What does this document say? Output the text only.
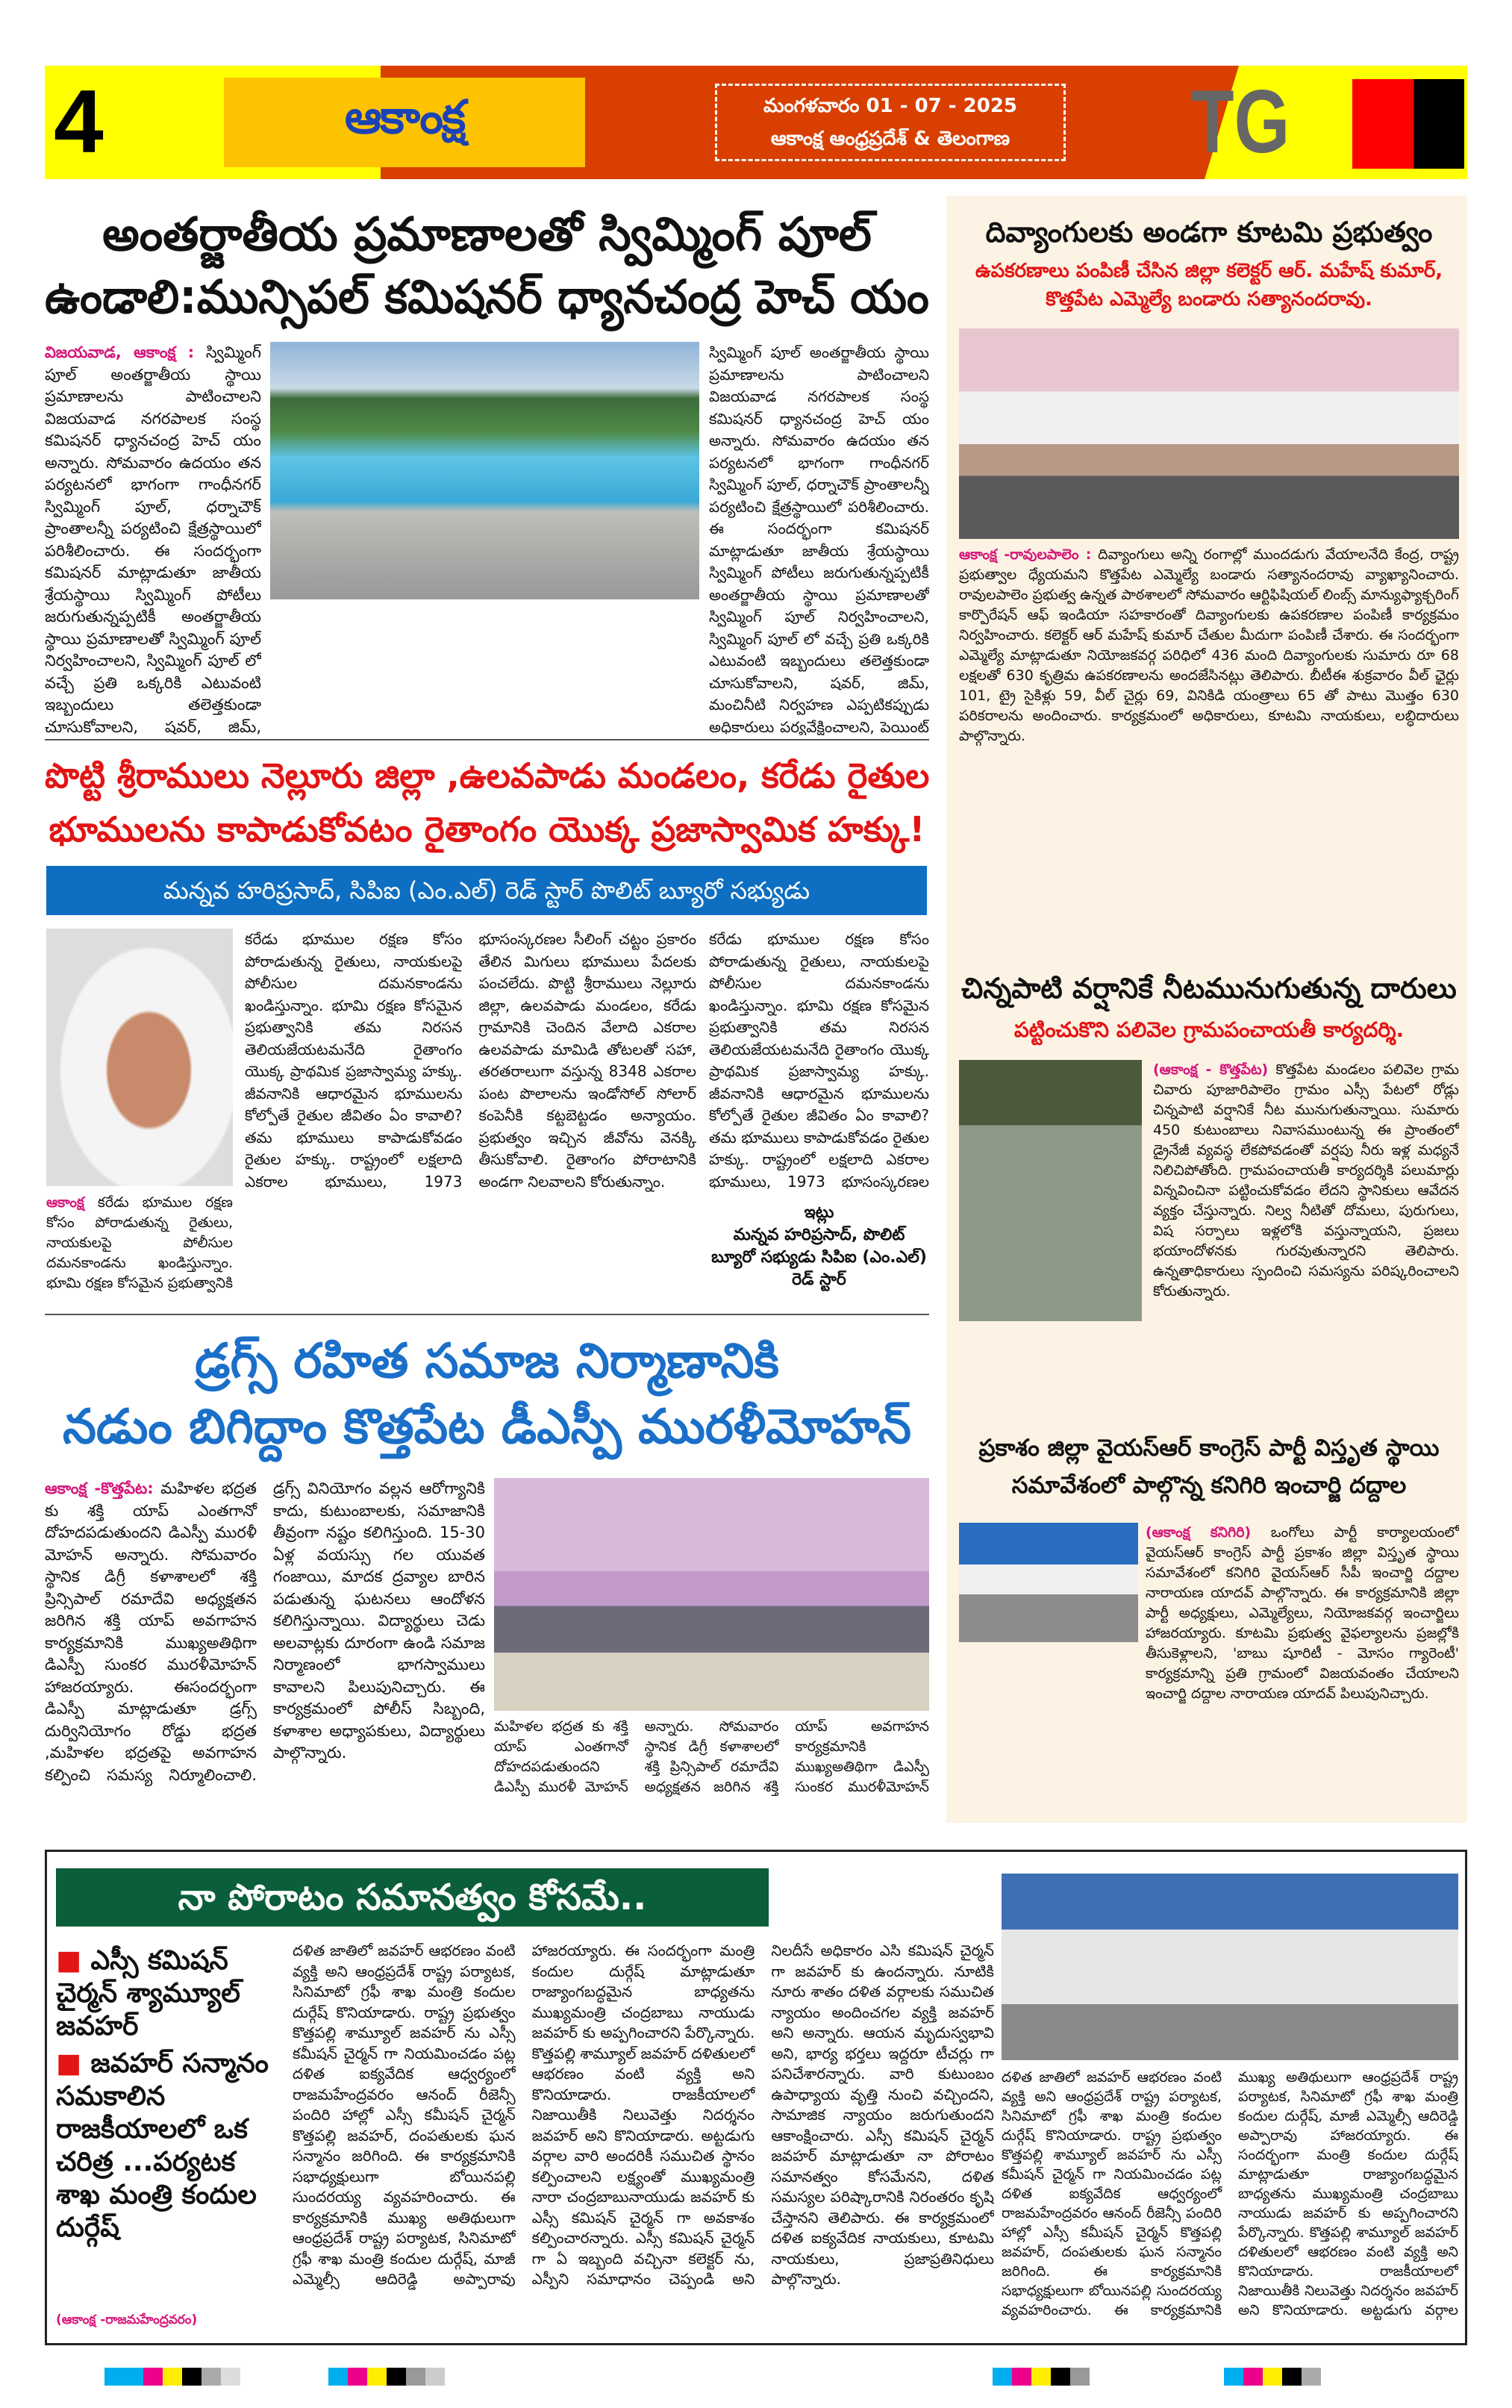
4	ఆకాంక్ష	మంగళవారం 01 - 07 - 2025
ఆకాంక్ష ఆంధ్రప్రదేశ్ & తెలంగాణ TG
అంతర్జాతీయ ప్రమాణాలతో స్విమ్మింగ్ పూల్
ఉండాలి:మున్సిపల్ కమిషనర్ ధ్యానచంద్ర హెచ్ యం
విజయవాడ, ఆకాంక్ష : స్విమ్మింగ్ పూల్ అంతర్జాతీయ స్థాయి ప్రమాణాలను పాటించాలని విజయవాడ నగరపాలక సంస్థ కమిషనర్ ధ్యానచంద్ర హెచ్ యం అన్నారు. సోమవారం ఉదయం తన పర్యటనలో భాగంగా గాంధీనగర్ స్విమ్మింగ్ పూల్, ధర్నాచౌక్ ప్రాంతాలన్నీ పర్యటించి క్షేత్రస్థాయిలో పరిశీలించారు. ఈ సందర్భంగా కమిషనర్ మాట్లాడుతూ జాతీయ శ్రేయస్థాయి స్విమ్మింగ్ పోటీలు జరుగుతున్నప్పటికీ అంతర్జాతీయ స్థాయి ప్రమాణాలతో స్విమ్మింగ్ పూల్ నిర్వహించాలని, స్విమ్మింగ్ పూల్ లో వచ్చే ప్రతి ఒక్కరికి ఎటువంటి ఇబ్బందులు తలెత్తకుండా చూసుకోవాలని, షవర్, జిమ్,
స్విమ్మింగ్ పూల్ అంతర్జాతీయ స్థాయి ప్రమాణాలను పాటించాలని విజయవాడ నగరపాలక సంస్థ కమిషనర్ ధ్యానచంద్ర హెచ్ యం అన్నారు. సోమవారం ఉదయం తన పర్యటనలో భాగంగా గాంధీనగర్ స్విమ్మింగ్ పూల్, ధర్నాచౌక్ ప్రాంతాలన్నీ పర్యటించి క్షేత్రస్థాయిలో పరిశీలించారు. ఈ సందర్భంగా కమిషనర్ మాట్లాడుతూ జాతీయ శ్రేయస్థాయి స్విమ్మింగ్ పోటీలు జరుగుతున్నప్పటికీ అంతర్జాతీయ స్థాయి ప్రమాణాలతో స్విమ్మింగ్ పూల్ నిర్వహించాలని, స్విమ్మింగ్ పూల్ లో వచ్చే ప్రతి ఒక్కరికి ఎటువంటి ఇబ్బందులు తలెత్తకుండా చూసుకోవాలని, షవర్, జిమ్, మంచినీటి నిర్వహణ ఎప్పటికప్పుడు అధికారులు పర్యవేక్షించాలని, పెయింట్
పొట్టి శ్రీరాములు నెల్లూరు జిల్లా ,ఉలవపాడు మండలం, కరేడు రైతుల
భూములను కాపాడుకోవటం రైతాంగం యొక్క ప్రజాస్వామిక హక్కు!
మన్నవ హరిప్రసాద్, సిపిఐ (ఎం.ఎల్) రెడ్ స్టార్ పొలిట్ బ్యూరో సభ్యుడు
ఆకాంక్ష కరేడు భూముల రక్షణ కోసం పోరాడుతున్న రైతులు, నాయకులపై పోలీసుల దమనకాండను ఖండిస్తున్నాం. భూమి రక్షణ కోసమైన ప్రభుత్వానికి
కరేడు భూముల రక్షణ కోసం పోరాడుతున్న రైతులు, నాయకులపై పోలీసుల దమనకాండను ఖండిస్తున్నాం. భూమి రక్షణ కోసమైన ప్రభుత్వానికి తమ నిరసన తెలియజేయటమనేది రైతాంగం యొక్క ప్రాథమిక ప్రజాస్వామ్య హక్కు. జీవనానికి ఆధారమైన భూములను కోల్పోతే రైతుల జీవితం ఏం కావాలి? తమ భూములు కాపాడుకోవడం రైతుల హక్కు. రాష్ట్రంలో లక్షలాది ఎకరాల భూములు, 1973 భూసంస్కరణల సీలింగ్ చట్టం ప్రకారం తేలిన మిగులు భూములు పేదలకు పంచలేదు. పొట్టి శ్రీరాములు నెల్లూరు జిల్లా, ఉలవపాడు మండలం, కరేడు గ్రామానికి చెందిన వేలాది ఎకరాల ఉలవపాడు మామిడి తోటలతో సహా, తరతరాలుగా వస్తున్న 8348 ఎకరాల పంట పొలాలను ఇండోసోల్ సోలార్ కంపెనీకి కట్టబెట్టడం అన్యాయం. ప్రభుత్వం ఇచ్చిన జీవోను వెనక్కి తీసుకోవాలి. రైతాంగం పోరాటానికి అండగా నిలవాలని కోరుతున్నాం.
కరేడు భూముల రక్షణ కోసం పోరాడుతున్న రైతులు, నాయకులపై పోలీసుల దమనకాండను ఖండిస్తున్నాం. భూమి రక్షణ కోసమైన ప్రభుత్వానికి తమ నిరసన తెలియజేయటమనేది రైతాంగం యొక్క ప్రాథమిక ప్రజాస్వామ్య హక్కు. జీవనానికి ఆధారమైన భూములను కోల్పోతే రైతుల జీవితం ఏం కావాలి? తమ భూములు కాపాడుకోవడం రైతుల హక్కు. రాష్ట్రంలో లక్షలాది ఎకరాల భూములు, 1973 భూసంస్కరణల
ఇట్లు
మన్నవ హరిప్రసాద్, పొలిట్ బ్యూరో సభ్యుడు సిపిఐ (ఎం.ఎల్) రెడ్ స్టార్
డ్రగ్స్ రహిత సమాజ నిర్మాణానికి
నడుం బిగిద్దాం కొత్తపేట డీఎస్పీ మురళీమోహన్
ఆకాంక్ష -కొత్తపేట: మహిళల భద్రత కు శక్తి యాప్ ఎంతగానో దోహదపడుతుందని డిఎస్పీ మురళీ మోహన్ అన్నారు. సోమవారం స్థానిక డిగ్రీ కళాశాలలో శక్తి ప్రిన్సిపాల్ రమాదేవి అధ్యక్షతన జరిగిన శక్తి యాప్ అవగాహన కార్యక్రమానికి ముఖ్యఅతిథిగా డిఎస్పీ సుంకర మురళీమోహన్ హాజరయ్యారు. ఈసందర్భంగా డిఎస్పీ మాట్లాడుతూ డ్రగ్స్ దుర్వినియోగం రోడ్డు భద్రత ,మహిళల భద్రతపై అవగాహన కల్పించి సమస్య నిర్మూలించాలి. డ్రగ్స్ వినియోగం వల్లన ఆరోగ్యానికి కాదు, కుటుంబాలకు, సమాజానికి తీవ్రంగా నష్టం కలిగిస్తుంది. 15-30 ఏళ్ల వయస్సు గల యువత గంజాయి, మాదక ద్రవ్యాల బారిన పడుతున్న ఘటనలు ఆందోళన కలిగిస్తున్నాయి. విద్యార్థులు చెడు అలవాట్లకు దూరంగా ఉండి సమాజ నిర్మాణంలో భాగస్వాములు కావాలని పిలుపునిచ్చారు. ఈ కార్యక్రమంలో పోలీస్ సిబ్బంది, కళాశాల అధ్యాపకులు, విద్యార్థులు పాల్గొన్నారు.
మహిళల భద్రత కు శక్తి యాప్ ఎంతగానో దోహదపడుతుందని డిఎస్పీ మురళీ మోహన్ అన్నారు. సోమవారం స్థానిక డిగ్రీ కళాశాలలో శక్తి ప్రిన్సిపాల్ రమాదేవి అధ్యక్షతన జరిగిన శక్తి యాప్ అవగాహన కార్యక్రమానికి ముఖ్యఅతిథిగా డిఎస్పీ సుంకర మురళీమోహన్
దివ్యాంగులకు అండగా కూటమి ప్రభుత్వం
ఉపకరణాలు పంపిణీ చేసిన జిల్లా కలెక్టర్ ఆర్. మహేష్ కుమార్, కొత్తపేట ఎమ్మెల్యే బండారు సత్యానందరావు.
ఆకాంక్ష -రావులపాలెం : దివ్యాంగులు అన్ని రంగాల్లో ముందడుగు వేయాలనేది కేంద్ర, రాష్ట్ర ప్రభుత్వాల ధ్యేయమని కొత్తపేట ఎమ్మెల్యే బండారు సత్యానందరావు వ్యాఖ్యానించారు. రావులపాలెం ప్రభుత్వ ఉన్నత పాఠశాలలో సోమవారం ఆర్టిఫిషియల్ లింబ్స్ మాన్యుఫ్యాక్చరింగ్ కార్పొరేషన్ ఆఫ్ ఇండియా సహకారంతో దివ్యాంగులకు ఉపకరణాల పంపిణీ కార్యక్రమం నిర్వహించారు. కలెక్టర్ ఆర్ మహేష్ కుమార్ చేతుల మీదుగా పంపిణీ చేశారు. ఈ సందర్భంగా ఎమ్మెల్యే మాట్లాడుతూ నియోజకవర్గ పరిధిలో 436 మంది దివ్యాంగులకు సుమారు రూ 68 లక్షలతో 630 కృత్రిమ ఉపకరణాలను అందజేసినట్లు తెలిపారు. బీటీఈ శుక్రవారం వీల్ ఛైర్లు 101, ట్రై సైకిళ్లు 59, వీల్ చైర్లు 69, వినికిడి యంత్రాలు 65 తో పాటు మొత్తం 630 పరికరాలను అందించారు. కార్యక్రమంలో అధికారులు, కూటమి నాయకులు, లబ్ధిదారులు పాల్గొన్నారు.
చిన్నపాటి వర్షానికే నీటమునుగుతున్న దారులు
పట్టించుకొని పలివెల గ్రామపంచాయతీ కార్యదర్శి.
(ఆకాంక్ష - కొత్తపేట) కొత్తపేట మండలం పలివెల గ్రామ చివారు పూజారిపాలెం గ్రామం ఎస్సీ పేటలో రోడ్లు చిన్నపాటి వర్షానికే నీట మునుగుతున్నాయి. సుమారు 450 కుటుంబాలు నివాసముంటున్న ఈ ప్రాంతంలో డ్రైనేజీ వ్యవస్థ లేకపోవడంతో వర్షపు నీరు ఇళ్ల మధ్యనే నిలిచిపోతోంది. గ్రామపంచాయతీ కార్యదర్శికి పలుమార్లు విన్నవించినా పట్టించుకోవడం లేదని స్థానికులు ఆవేదన వ్యక్తం చేస్తున్నారు. నిల్వ నీటితో దోమలు, పురుగులు, విష సర్పాలు ఇళ్లలోకి వస్తున్నాయని, ప్రజలు భయాందోళనకు గురవుతున్నారని తెలిపారు. ఉన్నతాధికారులు స్పందించి సమస్యను పరిష్కరించాలని కోరుతున్నారు.
ప్రకాశం జిల్లా వైయస్ఆర్ కాంగ్రెస్ పార్టీ విస్తృత స్థాయి సమావేశంలో పాల్గొన్న కనిగిరి ఇంచార్జి దద్దాల
(ఆకాంక్ష కనిగిరి) ఒంగోలు పార్టీ కార్యాలయంలో వైయస్ఆర్ కాంగ్రెస్ పార్టీ ప్రకాశం జిల్లా విస్తృత స్థాయి సమావేశంలో కనిగిరి వైయస్ఆర్ సీపీ ఇంచార్జి దద్దాల నారాయణ యాదవ్ పాల్గొన్నారు. ఈ కార్యక్రమానికి జిల్లా పార్టీ అధ్యక్షులు, ఎమ్మెల్యేలు, నియోజకవర్గ ఇంచార్జిలు హాజరయ్యారు. కూటమి ప్రభుత్వ వైఫల్యాలను ప్రజల్లోకి తీసుకెళ్లాలని, 'బాబు షూరిటీ - మోసం గ్యారెంటీ' కార్యక్రమాన్ని ప్రతి గ్రామంలో విజయవంతం చేయాలని ఇంచార్జి దద్దాల నారాయణ యాదవ్ పిలుపునిచ్చారు.
నా పోరాటం సమానత్వం కోసమే..
■ ఎస్సీ కమిషన్ చైర్మన్ శ్యామ్యూల్ జవహర్
■ జవహర్ సన్మానం సమకాలిన రాజకీయాలలో ఒక చరిత్ర ...పర్యటక శాఖ మంత్రి కందుల దుర్గేష్
(ఆకాంక్ష -రాజమహేంద్రవరం)
దళిత జాతిలో జవహర్ ఆభరణం వంటి వ్యక్తి అని ఆంధ్రప్రదేశ్ రాష్ట్ర పర్యాటక, సినిమాటో గ్రఫీ శాఖ మంత్రి కందుల దుర్గేష్ కొనియాడారు. రాష్ట్ర ప్రభుత్వం కొత్తపల్లి శామ్యూల్ జవహర్ ను ఎస్సీ కమీషన్ చైర్మన్ గా నియమించడం పట్ల దళిత ఐక్యవేదిక ఆధ్వర్యంలో రాజమహేంద్రవరం ఆనంద్ రీజెన్సీ పందిరి హాల్లో ఎస్సీ కమీషన్ చైర్మన్ కొత్తపల్లి జవహర్, దంపతులకు ఘన సన్మానం జరిగింది. ఈ కార్యక్రమానికి సభాధ్యక్షులుగా బోయినపల్లి సుందరయ్య వ్యవహరించారు. ఈ కార్యక్రమానికి ముఖ్య అతిథులుగా ఆంధ్రప్రదేశ్ రాష్ట్ర పర్యాటక, సినిమాటో గ్రఫీ శాఖ మంత్రి కందుల దుర్గేష్, మాజీ ఎమ్మెల్సీ ఆదిరెడ్డి అప్పారావు హాజరయ్యారు. ఈ సందర్భంగా మంత్రి కందుల దుర్గేష్ మాట్లాడుతూ రాజ్యాంగబద్ధమైన బాధ్యతను ముఖ్యమంత్రి చంద్రబాబు నాయుడు జవహర్ కు అప్పగించారని పేర్కొన్నారు. కొత్తపల్లి శామ్యూల్ జవహర్ దళితులలో ఆభరణం వంటి వ్యక్తి అని కొనియాడారు. రాజకీయాలలో నిజాయితీకి నిలువెత్తు నిదర్శనం జవహర్ అని కొనియాడారు. అట్టడుగు వర్గాల వారి అందరికీ సముచిత స్థానం కల్పించాలని లక్ష్యంతో ముఖ్యమంత్రి నారా చంద్రబాబునాయుడు జవహర్ కు ఎస్సీ కమిషన్ చైర్మన్ గా అవకాశం కల్పించారన్నారు. ఎస్సీ కమిషన్ చైర్మన్ గా ఏ ఇబ్బంది వచ్చినా కలెక్టర్ ను, ఎస్పీని సమాధానం చెప్పండి అని నిలదీసే అధికారం ఎసి కమిషన్ చైర్మన్ గా జవహర్ కు ఉందన్నారు. నూటికి నూరు శాతం దళిత వర్గాలకు సముచిత న్యాయం అందించగల వ్యక్తి జవహర్ అని అన్నారు. ఆయన మృదుస్వభావి అని, భార్య భర్తలు ఇద్దరూ టీచర్లు గా పనిచేశారన్నారు. వారి కుటుంబం ఉపాధ్యాయ వృత్తి నుంచి వచ్చిందని, సామాజిక న్యాయం జరుగుతుందని ఆకాంక్షించారు. ఎస్సీ కమిషన్ చైర్మన్ జవహర్ మాట్లాడుతూ నా పోరాటం సమానత్వం కోసమేనని, దళిత సమస్యల పరిష్కారానికి నిరంతరం కృషి చేస్తానని తెలిపారు. ఈ కార్యక్రమంలో దళిత ఐక్యవేదిక నాయకులు, కూటమి నాయకులు, ప్రజాప్రతినిధులు పాల్గొన్నారు.
దళిత జాతిలో జవహర్ ఆభరణం వంటి వ్యక్తి అని ఆంధ్రప్రదేశ్ రాష్ట్ర పర్యాటక, సినిమాటో గ్రఫీ శాఖ మంత్రి కందుల దుర్గేష్ కొనియాడారు. రాష్ట్ర ప్రభుత్వం కొత్తపల్లి శామ్యూల్ జవహర్ ను ఎస్సీ కమీషన్ చైర్మన్ గా నియమించడం పట్ల దళిత ఐక్యవేదిక ఆధ్వర్యంలో రాజమహేంద్రవరం ఆనంద్ రీజెన్సీ పందిరి హాల్లో ఎస్సీ కమీషన్ చైర్మన్ కొత్తపల్లి జవహర్, దంపతులకు ఘన సన్మానం జరిగింది. ఈ కార్యక్రమానికి సభాధ్యక్షులుగా బోయినపల్లి సుందరయ్య వ్యవహరించారు. ఈ కార్యక్రమానికి ముఖ్య అతిథులుగా ఆంధ్రప్రదేశ్ రాష్ట్ర పర్యాటక, సినిమాటో గ్రఫీ శాఖ మంత్రి కందుల దుర్గేష్, మాజీ ఎమ్మెల్సీ ఆదిరెడ్డి అప్పారావు హాజరయ్యారు. ఈ సందర్భంగా మంత్రి కందుల దుర్గేష్ మాట్లాడుతూ రాజ్యాంగబద్ధమైన బాధ్యతను ముఖ్యమంత్రి చంద్రబాబు నాయుడు జవహర్ కు అప్పగించారని పేర్కొన్నారు. కొత్తపల్లి శామ్యూల్ జవహర్ దళితులలో ఆభరణం వంటి వ్యక్తి అని కొనియాడారు. రాజకీయాలలో నిజాయితీకి నిలువెత్తు నిదర్శనం జవహర్ అని కొనియాడారు. అట్టడుగు వర్గాల
